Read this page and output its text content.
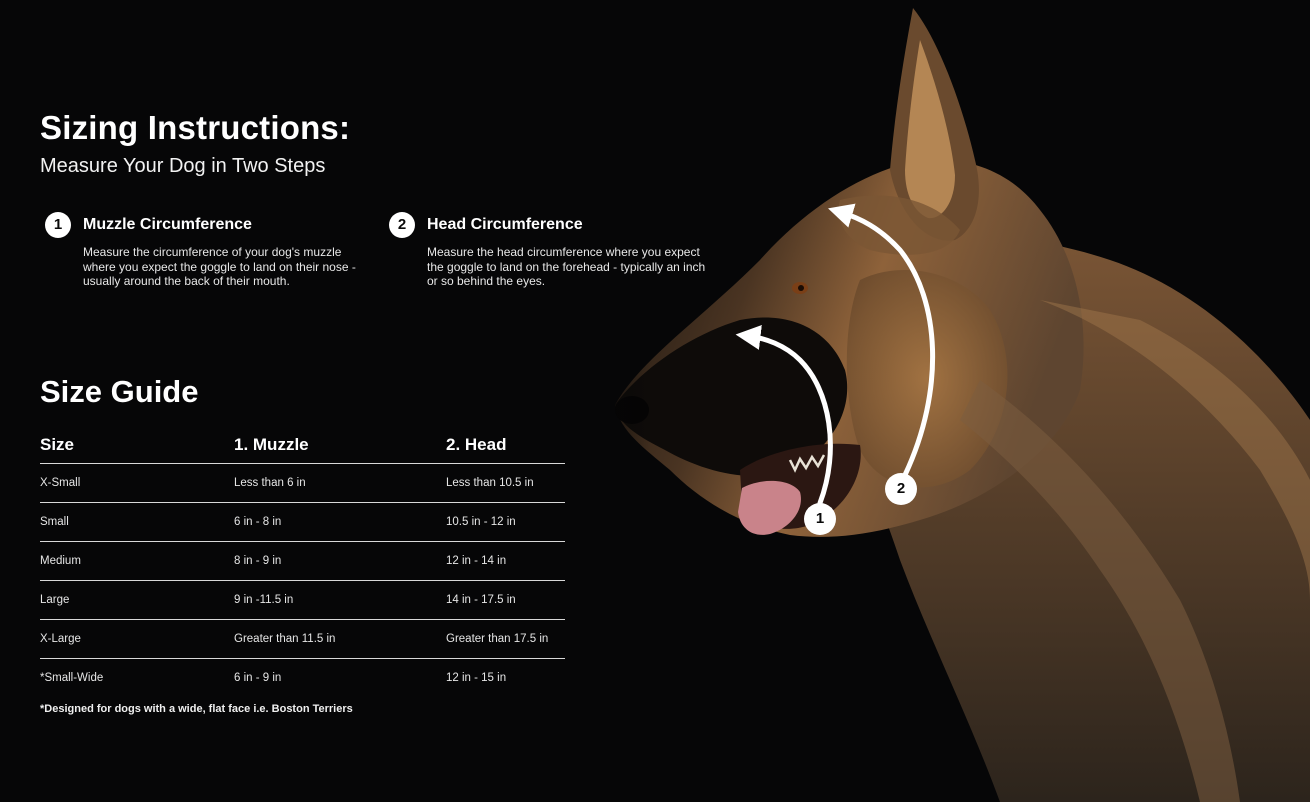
1
2
Sizing Instructions:
Measure Your Dog in Two Steps
1	Muzzle Circumference

Measure the circumference of your dog's muzzle where you expect the goggle to land on their nose - usually around the back of their mouth.

2	Head Circumference

Measure the head circumference where you expect the goggle to land on the forehead - typically an inch or so behind the eyes.

Size Guide
Size	1. Muzzle	2. Head
X-Small	Less than 6 in	Less than 10.5 in
Small	6 in - 8 in	10.5 in - 12 in
Medium	8 in - 9 in	12 in - 14 in
Large	9 in -11.5 in	14 in - 17.5 in
X-Large	Greater than 11.5 in	Greater than 17.5 in
*Small-Wide	6 in - 9 in	12 in - 15 in

*Designed for dogs with a wide, flat face i.e. Boston Terriers
